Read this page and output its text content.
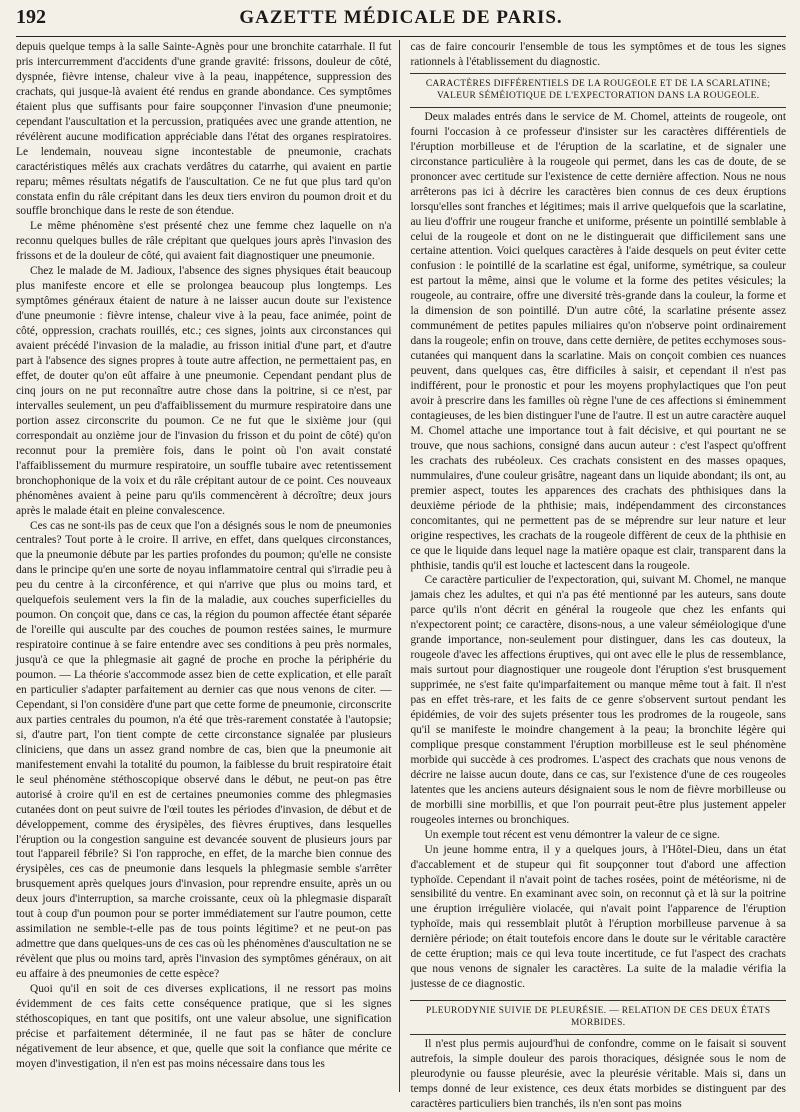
192	GAZETTE MÉDICALE DE PARIS.

depuis quelque temps à la salle Sainte-Agnès pour une bronchite catarrhale. Il fut pris intercurremment d'accidents d'une grande gravité: frissons, douleur de côté, dyspnée, fièvre intense, chaleur vive à la peau, inappétence, suppression des crachats, qui jusque-là avaient été rendus en grande abondance. Ces symptômes étaient plus que suffisants pour faire soupçonner l'invasion d'une pneumonie; cependant l'auscultation et la percussion, pratiquées avec une grande attention, ne révélèrent aucune modification appréciable dans l'état des organes respiratoires. Le lendemain, nouveau signe incontestable de pneumonie, crachats caractéristiques mêlés aux crachats verdâtres du catarrhe, qui avaient en partie reparu; mêmes résultats négatifs de l'auscultation. Ce ne fut que plus tard qu'on constata enfin du râle crépitant dans les deux tiers environ du poumon droit et du souffle bronchique dans le reste de son étendue.

Le même phénomène s'est présenté chez une femme chez laquelle on n'a reconnu quelques bulles de râle crépitant que quelques jours après l'invasion des frissons et de la douleur de côté, qui avaient fait diagnostiquer une pneumonie.

Chez le malade de M. Jadioux, l'absence des signes physiques était beaucoup plus manifeste encore et elle se prolongea beaucoup plus longtemps. Les symptômes généraux étaient de nature à ne laisser aucun doute sur l'existence d'une pneumonie : fièvre intense, chaleur vive à la peau, face animée, point de côté, oppression, crachats rouillés, etc.; ces signes, joints aux circonstances qui avaient précédé l'invasion de la maladie, au frisson initial d'une part, et d'autre part à l'absence des signes propres à toute autre affection, ne permettaient pas, en effet, de douter qu'on eût affaire à une pneumonie. Cependant pendant plus de cinq jours on ne put reconnaître autre chose dans la poitrine, si ce n'est, par intervalles seulement, un peu d'affaiblissement du murmure respiratoire dans une portion assez circonscrite du poumon. Ce ne fut que le sixième jour (qui correspondait au onzième jour de l'invasion du frisson et du point de côté) qu'on reconnut pour la première fois, dans le point où l'on avait constaté l'affaiblissement du murmure respiratoire, un souffle tubaire avec retentissement bronchophonique de la voix et du râle crépitant autour de ce point. Ces nouveaux phénomènes avaient à peine paru qu'ils commencèrent à décroître; deux jours après le malade était en pleine convalescence.

Ces cas ne sont-ils pas de ceux que l'on a désignés sous le nom de pneumonies centrales? Tout porte à le croire. Il arrive, en effet, dans quelques circonstances, que la pneumonie débute par les parties profondes du poumon; qu'elle ne consiste dans le principe qu'en une sorte de noyau inflammatoire central qui s'irradie peu à peu du centre à la circonférence, et qui n'arrive que plus ou moins tard, et quelquefois seulement vers la fin de la maladie, aux couches superficielles du poumon. On conçoit que, dans ce cas, la région du poumon affectée étant séparée de l'oreille qui ausculte par des couches de poumon restées saines, le murmure respiratoire continue à se faire entendre avec ses conditions à peu près normales, jusqu'à ce que la phlegmasie ait gagné de proche en proche la périphérie du poumon. — La théorie s'accommode assez bien de cette explication, et elle paraît en particulier s'adapter parfaitement au dernier cas que nous venons de citer. — Cependant, si l'on considère d'une part que cette forme de pneumonie, circonscrite aux parties centrales du poumon, n'a été que très-rarement constatée à l'autopsie; si, d'autre part, l'on tient compte de cette circonstance signalée par plusieurs cliniciens, que dans un assez grand nombre de cas, bien que la pneumonie ait manifestement envahi la totalité du poumon, la faiblesse du bruit respiratoire était le seul phénomène stéthoscopique observé dans le début, ne peut-on pas être autorisé à croire qu'il en est de certaines pneumonies comme des phlegmasies cutanées dont on peut suivre de l'œil toutes les périodes d'invasion, de début et de développement, comme des érysipèles, des fièvres éruptives, dans lesquelles l'éruption ou la congestion sanguine est devancée souvent de plusieurs jours par tout l'appareil fébrile? Si l'on rapproche, en effet, de la marche bien connue des érysipèles, ces cas de pneumonie dans lesquels la phlegmasie semble s'arrêter brusquement après quelques jours d'invasion, pour reprendre ensuite, après un ou deux jours d'interruption, sa marche croissante, ceux où la phlegmasie disparaît tout à coup d'un poumon pour se porter immédiatement sur l'autre poumon, cette assimilation ne semble-t-elle pas de tous points légitime? et ne peut-on pas admettre que dans quelques-uns de ces cas où les phénomènes d'auscultation ne se révèlent que plus ou moins tard, après l'invasion des symptômes généraux, on ait eu affaire à des pneumonies de cette espèce?

Quoi qu'il en soit de ces diverses explications, il ne ressort pas moins évidemment de ces faits cette conséquence pratique, que si les signes stéthoscopiques, en tant que positifs, ont une valeur absolue, une signification précise et parfaitement déterminée, il ne faut pas se hâter de conclure négativement de leur absence, et que, quelle que soit la confiance que mérite ce moyen d'investigation, il n'en est pas moins nécessaire dans tous les

cas de faire concourir l'ensemble de tous les symptômes et de tous les signes rationnels à l'établissement du diagnostic.

CARACTÈRES DIFFÉRENTIELS DE LA ROUGEOLE ET DE LA SCARLATINE; VALEUR SÉMÉIOTIQUE DE L'EXPECTORATION DANS LA ROUGEOLE.

Deux malades entrés dans le service de M. Chomel, atteints de rougeole, ont fourni l'occasion à ce professeur d'insister sur les caractères différentiels de l'éruption morbilleuse et de l'éruption de la scarlatine, et de signaler une circonstance particulière à la rougeole qui permet, dans les cas de doute, de se prononcer avec certitude sur l'existence de cette dernière affection. Nous ne nous arrêterons pas ici à décrire les caractères bien connus de ces deux éruptions lorsqu'elles sont franches et légitimes; mais il arrive quelquefois que la scarlatine, au lieu d'offrir une rougeur franche et uniforme, présente un pointillé semblable à celui de la rougeole et dont on ne le distinguerait que difficilement sans une certaine attention. Voici quelques caractères à l'aide desquels on peut éviter cette confusion : le pointillé de la scarlatine est égal, uniforme, symétrique, sa couleur est partout la même, ainsi que le volume et la forme des petites vésicules; la rougeole, au contraire, offre une diversité très-grande dans la couleur, la forme et la dimension de son pointillé. D'un autre côté, la scarlatine présente assez communément de petites papules miliaires qu'on n'observe point ordinairement dans la rougeole; enfin on trouve, dans cette dernière, de petites ecchymoses sous-cutanées qui manquent dans la scarlatine. Mais on conçoit combien ces nuances peuvent, dans quelques cas, être difficiles à saisir, et cependant il n'est pas indifférent, pour le pronostic et pour les moyens prophylactiques que l'on peut avoir à prescrire dans les familles où règne l'une de ces affections si éminemment contagieuses, de les bien distinguer l'une de l'autre. Il est un autre caractère auquel M. Chomel attache une importance tout à fait décisive, et qui pourtant ne se trouve, que nous sachions, consigné dans aucun auteur : c'est l'aspect qu'offrent les crachats des rubéoleux. Ces crachats consistent en des masses opaques, nummulaires, d'une couleur grisâtre, nageant dans un liquide abondant; ils ont, au premier aspect, toutes les apparences des crachats des phthisiques dans la deuxième période de la phthisie; mais, indépendamment des circonstances concomitantes, qui ne permettent pas de se méprendre sur leur nature et leur origine respectives, les crachats de la rougeole diffèrent de ceux de la phthisie en ce que le liquide dans lequel nage la matière opaque est clair, transparent dans la phthisie, tandis qu'il est louche et lactescent dans la rougeole.

Ce caractère particulier de l'expectoration, qui, suivant M. Chomel, ne manque jamais chez les adultes, et qui n'a pas été mentionné par les auteurs, sans doute parce qu'ils n'ont décrit en général la rougeole que chez les enfants qui n'expectorent point; ce caractère, disons-nous, a une valeur séméiologique d'une grande importance, non-seulement pour distinguer, dans les cas douteux, la rougeole d'avec les affections éruptives, qui ont avec elle le plus de ressemblance, mais surtout pour diagnostiquer une rougeole dont l'éruption s'est brusquement supprimée, ne s'est faite qu'imparfaitement ou manque même tout à fait. Il n'est pas en effet très-rare, et les faits de ce genre s'observent surtout pendant les épidémies, de voir des sujets présenter tous les prodromes de la rougeole, sans qu'il se manifeste le moindre changement à la peau; la bronchite légère qui complique presque constamment l'éruption morbilleuse est le seul phénomène morbide qui succède à ces prodromes. L'aspect des crachats que nous venons de décrire ne laisse aucun doute, dans ce cas, sur l'existence d'une de ces rougeoles latentes que les anciens auteurs désignaient sous le nom de fièvre morbilleuse ou de morbilli sine morbillis, et que l'on pourrait peut-être plus justement appeler rougeoles internes ou bronchiques.

Un exemple tout récent est venu démontrer la valeur de ce signe.

Un jeune homme entra, il y a quelques jours, à l'Hôtel-Dieu, dans un état d'accablement et de stupeur qui fit soupçonner tout d'abord une affection typhoïde. Cependant il n'avait point de taches rosées, point de météorisme, ni de sensibilité du ventre. En examinant avec soin, on reconnut çà et là sur la poitrine une éruption irrégulière violacée, qui n'avait point l'apparence de l'éruption typhoïde, mais qui ressemblait plutôt à l'éruption morbilleuse parvenue à sa dernière période; on était toutefois encore dans le doute sur le véritable caractère de cette éruption; mais ce qui leva toute incertitude, ce fut l'aspect des crachats que nous venons de signaler les caractères. La suite de la maladie vérifia la justesse de ce diagnostic.

PLEURODYNIE SUIVIE DE PLEURÉSIE. — RELATION DE CES DEUX ÉTATS MORBIDES.

Il n'est plus permis aujourd'hui de confondre, comme on le faisait si souvent autrefois, la simple douleur des parois thoraciques, désignée sous le nom de pleurodynie ou fausse pleurésie, avec la pleurésie véritable. Mais si, dans un temps donné de leur existence, ces deux états morbides se distinguent par des caractères particuliers bien tranchés, ils n'en sont pas moins
